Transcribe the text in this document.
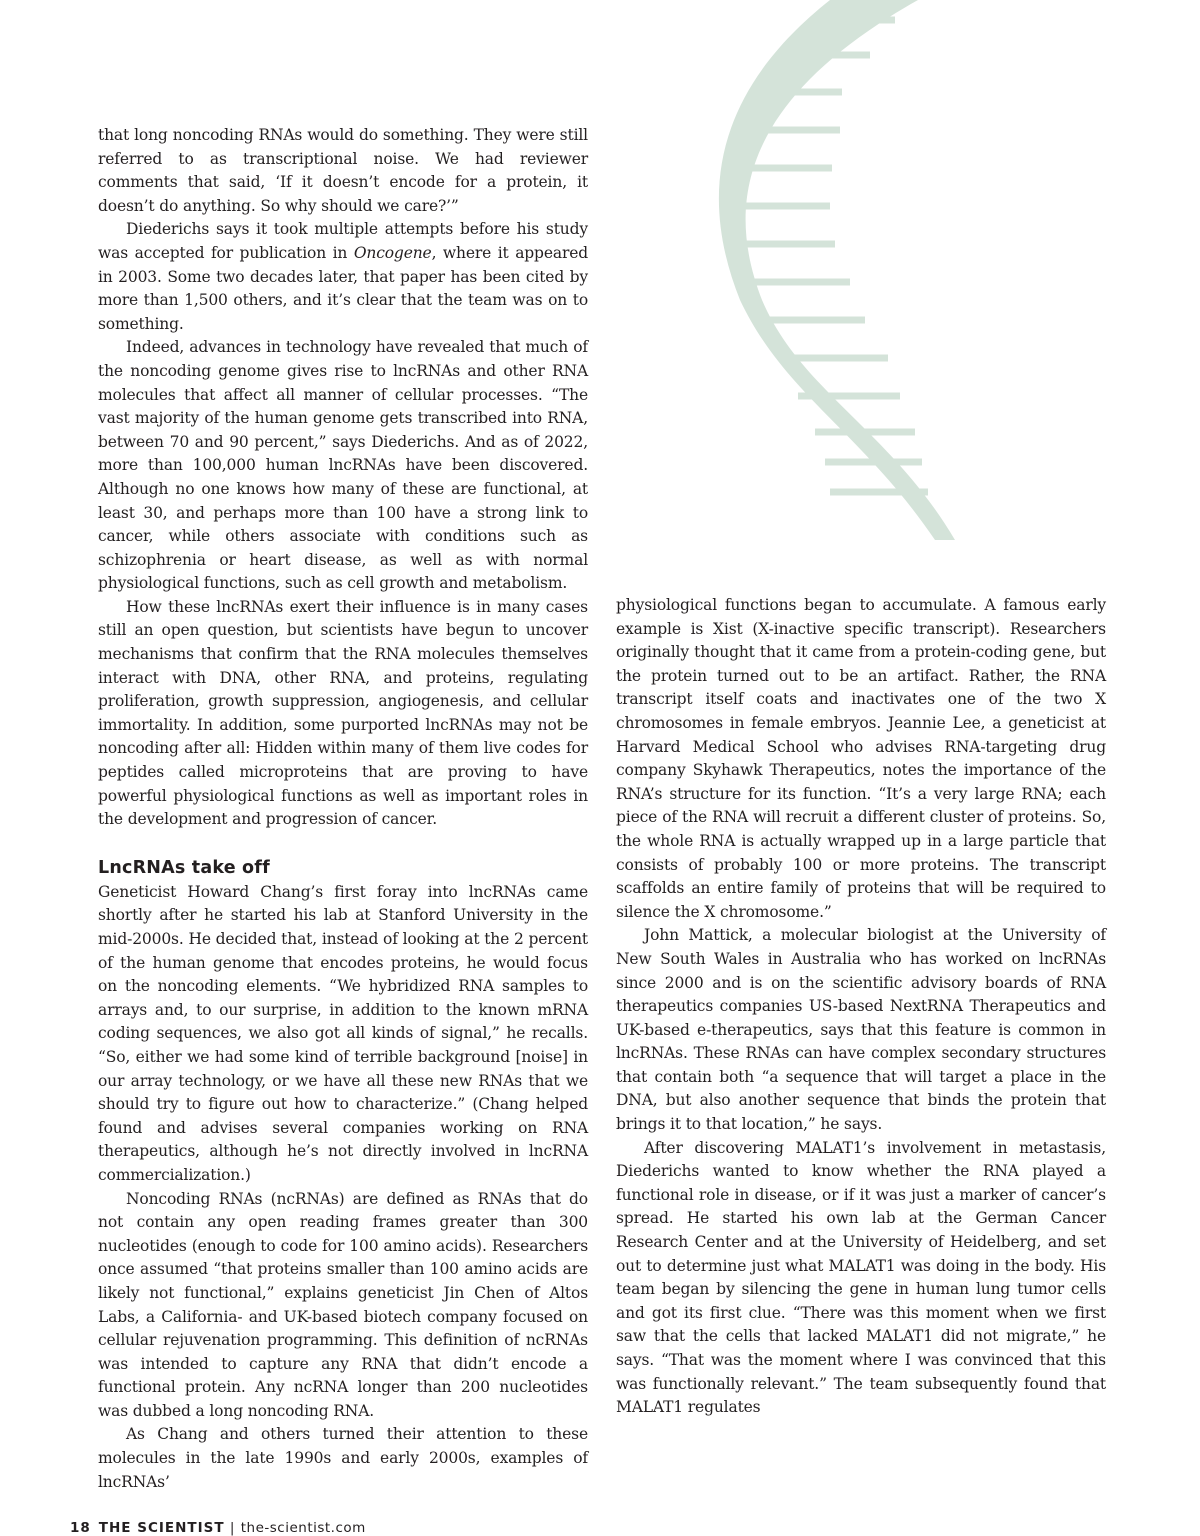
that long noncoding RNAs would do something. They were still referred to as transcriptional noise. We had reviewer comments that said, ‘If it doesn’t encode for a protein, it doesn’t do anything. So why should we care?’”

Diederichs says it took multiple attempts before his study was accepted for publication in Oncogene, where it appeared in 2003. Some two decades later, that paper has been cited by more than 1,500 others, and it’s clear that the team was on to something.

Indeed, advances in technology have revealed that much of the noncoding genome gives rise to lncRNAs and other RNA molecules that affect all manner of cellular processes. “The vast majority of the human genome gets transcribed into RNA, between 70 and 90 percent,” says Diederichs. And as of 2022, more than 100,000 human lncRNAs have been discovered. Although no one knows how many of these are functional, at least 30, and perhaps more than 100 have a strong link to cancer, while others associate with conditions such as schizophrenia or heart disease, as well as with normal physiological functions, such as cell growth and metabolism.

How these lncRNAs exert their influence is in many cases still an open question, but scientists have begun to uncover mechanisms that confirm that the RNA molecules themselves interact with DNA, other RNA, and proteins, regulating proliferation, growth suppression, angiogenesis, and cellular immortality. In addition, some purported lncRNAs may not be noncoding after all: Hidden within many of them live codes for peptides called microproteins that are proving to have powerful physiological functions as well as important roles in the development and progression of cancer.

LncRNAs take off

Geneticist Howard Chang’s first foray into lncRNAs came shortly after he started his lab at Stanford University in the mid-2000s. He decided that, instead of looking at the 2 percent of the human genome that encodes proteins, he would focus on the noncoding elements. “We hybridized RNA samples to arrays and, to our surprise, in addition to the known mRNA coding sequences, we also got all kinds of signal,” he recalls. “So, either we had some kind of terrible background [noise] in our array technology, or we have all these new RNAs that we should try to figure out how to characterize.” (Chang helped found and advises several companies working on RNA therapeutics, although he’s not directly involved in lncRNA commercialization.)

Noncoding RNAs (ncRNAs) are defined as RNAs that do not contain any open reading frames greater than 300 nucleotides (enough to code for 100 amino acids). Researchers once assumed “that proteins smaller than 100 amino acids are likely not functional,” explains geneticist Jin Chen of Altos Labs, a California- and UK-based biotech company focused on cellular rejuvenation programming. This definition of ncRNAs was intended to capture any RNA that didn’t encode a functional protein. Any ncRNA longer than 200 nucleotides was dubbed a long noncoding RNA.

As Chang and others turned their attention to these molecules in the late 1990s and early 2000s, examples of lncRNAs’

18 THE SCIENTIST | the-scientist.com

physiological functions began to accumulate. A famous early example is Xist (X-inactive specific transcript). Researchers originally thought that it came from a protein-coding gene, but the protein turned out to be an artifact. Rather, the RNA transcript itself coats and inactivates one of the two X chromosomes in female embryos. Jeannie Lee, a geneticist at Harvard Medical School who advises RNA-targeting drug company Skyhawk Therapeutics, notes the importance of the RNA’s structure for its function. “It’s a very large RNA; each piece of the RNA will recruit a different cluster of proteins. So, the whole RNA is actually wrapped up in a large particle that consists of probably 100 or more proteins. The transcript scaffolds an entire family of proteins that will be required to silence the X chromosome.”

John Mattick, a molecular biologist at the University of New South Wales in Australia who has worked on lncRNAs since 2000 and is on the scientific advisory boards of RNA therapeutics companies US-based NextRNA Therapeutics and UK-based e-therapeutics, says that this feature is common in lncRNAs. These RNAs can have complex secondary structures that contain both “a sequence that will target a place in the DNA, but also another sequence that binds the protein that brings it to that location,” he says.

After discovering MALAT1’s involvement in metastasis, Diederichs wanted to know whether the RNA played a functional role in disease, or if it was just a marker of cancer’s spread. He started his own lab at the German Cancer Research Center and at the University of Heidelberg, and set out to determine just what MALAT1 was doing in the body. His team began by silencing the gene in human lung tumor cells and got its first clue. “There was this moment when we first saw that the cells that lacked MALAT1 did not migrate,” he says. “That was the moment where I was convinced that this was functionally relevant.” The team subsequently found that MALAT1 regulates
